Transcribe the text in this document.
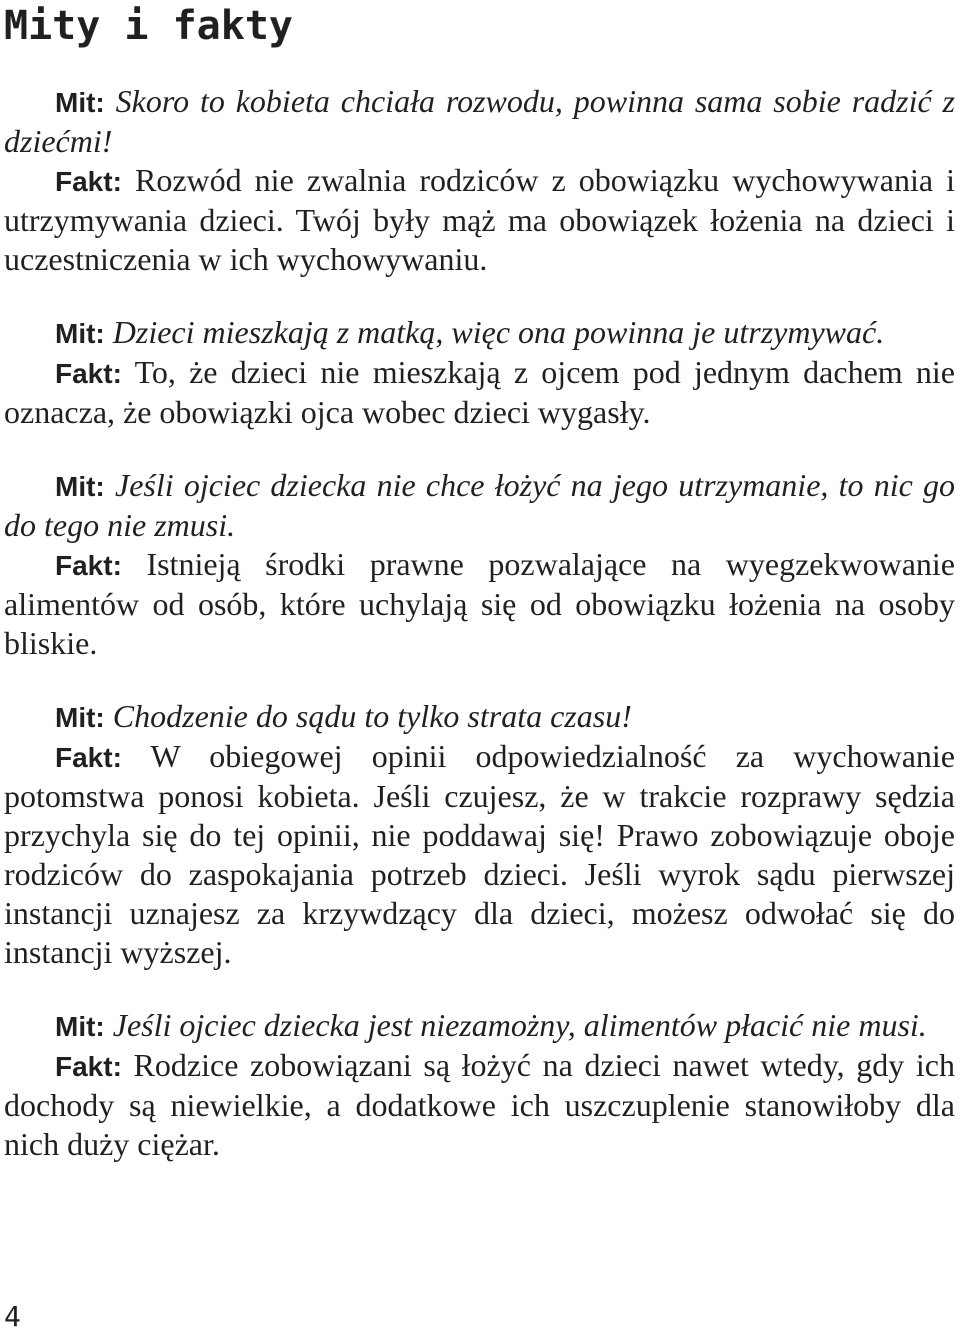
Mity i fakty

Mit: Skoro to kobieta chciała rozwodu, powinna sama sobie radzić z dziećmi!

Fakt: Rozwód nie zwalnia rodziców z obowiązku wychowywania i utrzymywania dzieci. Twój były mąż ma obowiązek łożenia na dzieci i uczestniczenia w ich wychowywaniu.

Mit: Dzieci mieszkają z matką, więc ona powinna je utrzymywać.

Fakt: To, że dzieci nie mieszkają z ojcem pod jednym dachem nie oznacza, że obowiązki ojca wobec dzieci wygasły.

Mit: Jeśli ojciec dziecka nie chce łożyć na jego utrzymanie, to nic go do tego nie zmusi.

Fakt: Istnieją środki prawne pozwalające na wyegzekwowanie alimentów od osób, które uchylają się od obowiązku łożenia na osoby bliskie.

Mit: Chodzenie do sądu to tylko strata czasu!

Fakt: W obiegowej opinii odpowiedzialność za wychowanie potomstwa ponosi kobieta. Jeśli czujesz, że w trakcie rozprawy sędzia przychyla się do tej opinii, nie poddawaj się! Prawo zobowiązuje oboje rodziców do zaspokajania potrzeb dzieci. Jeśli wyrok sądu pierwszej instancji uznajesz za krzywdzący dla dzieci, możesz odwołać się do instancji wyższej.

Mit: Jeśli ojciec dziecka jest niezamożny, alimentów płacić nie musi.

Fakt: Rodzice zobowiązani są łożyć na dzieci nawet wtedy, gdy ich dochody są niewielkie, a dodatkowe ich uszczuplenie stanowiłoby dla nich duży ciężar.

4
